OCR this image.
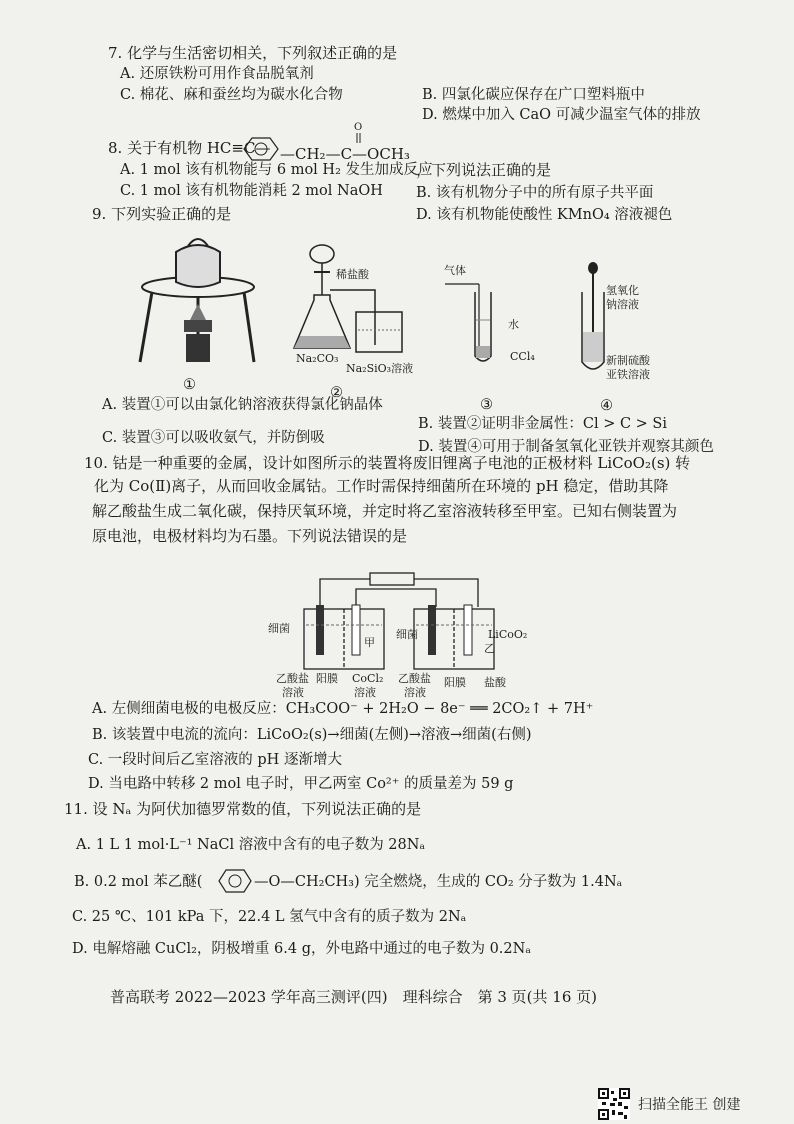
7. 化学与生活密切相关，下列叙述正确的是
A. 还原铁粉可用作食品脱氧剂
C. 棉花、麻和蚕丝均为碳水化合物	B. 四氯化碳应保存在广口塑料瓶中
D. 燃煤中加入 CaO 可减少温室气体的排放
8. 关于有机物 HC≡C—
O
—CH₂—C—OCH₃
，下列说法正确的是
A. 1 mol 该有机物能与 6 mol H₂ 发生加成反应
C. 1 mol 该有机物能消耗 2 mol NaOH B. 该有机物分子中的所有原子共平面
D. 该有机物能使酸性 KMnO₄ 溶液褪色
9. 下列实验正确的是
①
稀盐酸
Na₂CO₃
Na₂SiO₃溶液
②
气体
水
CCl₄
③
氢氧化
钠溶液
新制硫酸
亚铁溶液
④
A. 装置①可以由氯化钠溶液获得氯化钠晶体
C. 装置③可以吸收氨气，并防倒吸
B. 装置②证明非金属性：Cl > C > Si
D. 装置④可用于制备氢氧化亚铁并观察其颜色
10. 钴是一种重要的金属，设计如图所示的装置将废旧锂离子电池的正极材料 LiCoO₂(s) 转
化为 Co(Ⅱ)离子，从而回收金属钴。工作时需保持细菌所在环境的 pH 稳定，借助其降
解乙酸盐生成二氧化碳，保持厌氧环境，并定时将乙室溶液转移至甲室。已知右侧装置为
原电池，电极材料均为石墨。下列说法错误的是
细菌	细菌
甲	乙
LiCoO₂
乙酸盐
溶液
阳膜 CoCl₂
溶液
乙酸盐
溶液
阳膜 盐酸
A. 左侧细菌电极的电极反应：CH₃COO⁻ + 2H₂O − 8e⁻ ══ 2CO₂↑ + 7H⁺
B. 该装置中电流的流向：LiCoO₂(s)→细菌(左侧)→溶液→细菌(右侧)
C. 一段时间后乙室溶液的 pH 逐渐增大
D. 当电路中转移 2 mol 电子时，甲乙两室 Co²⁺ 的质量差为 59 g
11. 设 Nₐ 为阿伏加德罗常数的值，下列说法正确的是
A. 1 L 1 mol·L⁻¹ NaCl 溶液中含有的电子数为 28Nₐ
B. 0.2 mol 苯乙醚(	—O—CH₂CH₃) 完全燃烧，生成的 CO₂ 分子数为 1.4Nₐ
C. 25 ℃、101 kPa 下，22.4 L 氢气中含有的质子数为 2Nₐ
D. 电解熔融 CuCl₂，阴极增重 6.4 g，外电路中通过的电子数为 0.2Nₐ
普高联考 2022—2023 学年高三测评(四)　理科综合　第 3 页(共 16 页)
扫描全能王 创建
